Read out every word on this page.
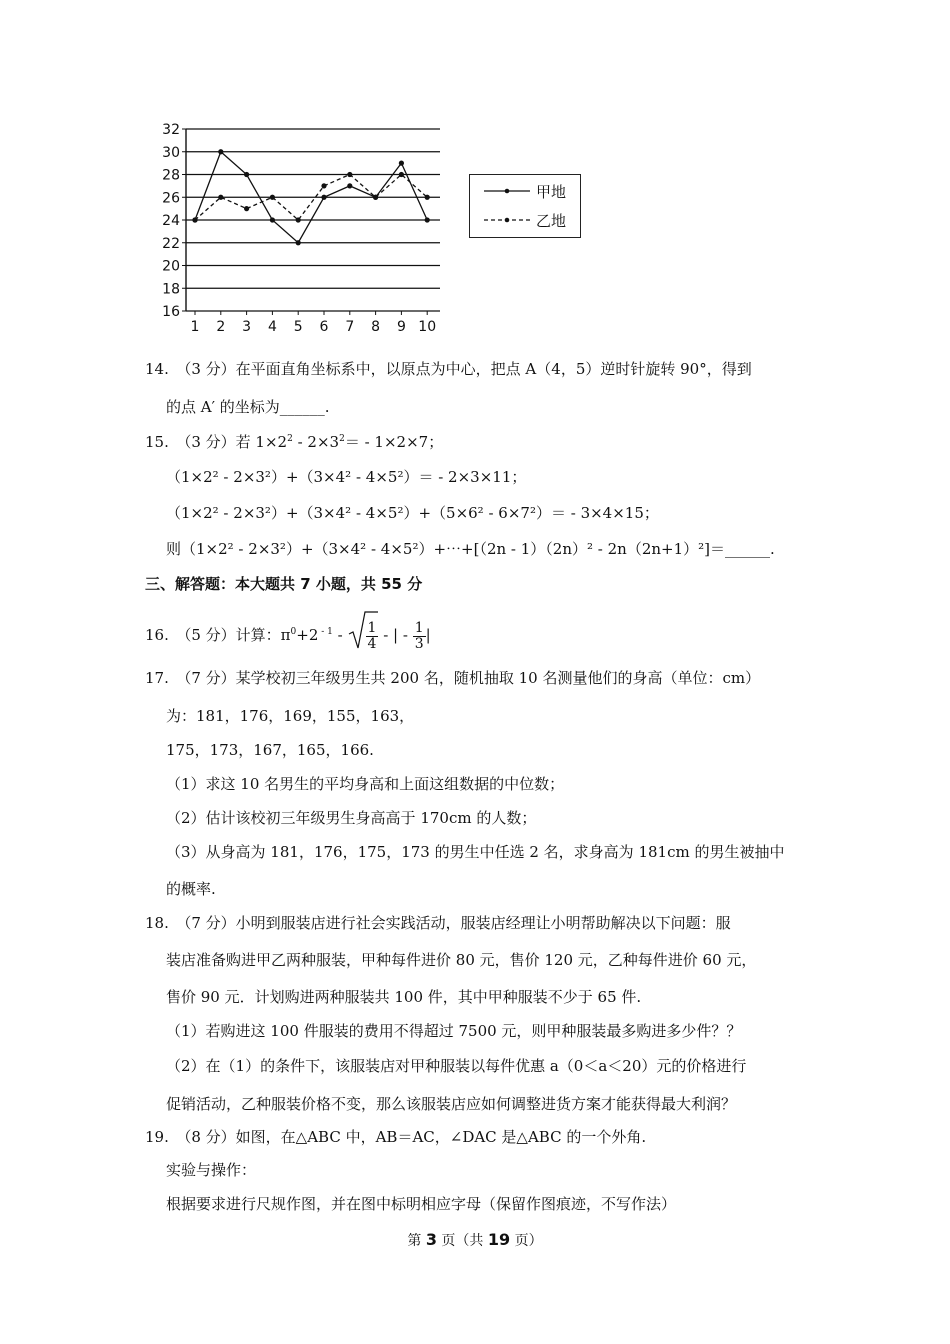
16
18
20
22
24
26
28
30
32
1 2 3 4 5 6 7 8 9 10
甲地
乙地
14.　（3 分）在平面直角坐标系中，以原点为中心，把点 A（4，5）逆时针旋转 90°，得到
的点 A′ 的坐标为______.
15.　（3 分）若 $1\times 2^2 - 2\times 3^2= - 1\times 2\times 7$；
（1×2² - 2×3²）+（3×4² - 4×5²）＝ - 2×3×11；
（1×2² - 2×3²）+（3×4² - 4×5²）+（5×6² - 6×7²）＝ - 3×4×15；
则（1×2² - 2×3²）+（3×4² - 4×5²）+⋯+[（2n - 1）（2n）² - 2n（2n+1）²]＝______.
三、解答题：本大题共 7 小题，共 55 分
16.　（5 分）计算：$\pi^0+2$ $^{- 1} - \frac{1}{4}$ - | - $\frac{1}{3}$ |
17.　（7 分）某学校初三年级男生共 200 名，随机抽取 10 名测量他们的身高（单位：cm）
为：181，176，169，155，163，
175，173，167，165，166.
（1）求这 10 名男生的平均身高和上面这组数据的中位数；
（2）估计该校初三年级男生身高高于 170cm 的人数；
（3）从身高为 181，176，175，173 的男生中任选 2 名，求身高为 181cm 的男生被抽中
的概率.
18.　（7 分）小明到服装店进行社会实践活动，服装店经理让小明帮助解决以下问题：服
装店准备购进甲乙两种服装，甲种每件进价 80 元，售价 120 元，乙种每件进价 60 元，
售价 90 元．计划购进两种服装共 100 件，其中甲种服装不少于 65 件.
（1）若购进这 100 件服装的费用不得超过 7500 元，则甲种服装最多购进多少件？？
（2）在（1）的条件下，该服装店对甲种服装以每件优惠 a（0＜a＜20）元的价格进行
促销活动，乙种服装价格不变，那么该服装店应如何调整进货方案才能获得最大利润？
19.　（8 分）如图，在△ABC 中，AB＝AC，∠DAC 是△ABC 的一个外角.
实验与操作：
根据要求进行尺规作图，并在图中标明相应字母（保留作图痕迹，不写作法）
第 3 页（共 19 页）
